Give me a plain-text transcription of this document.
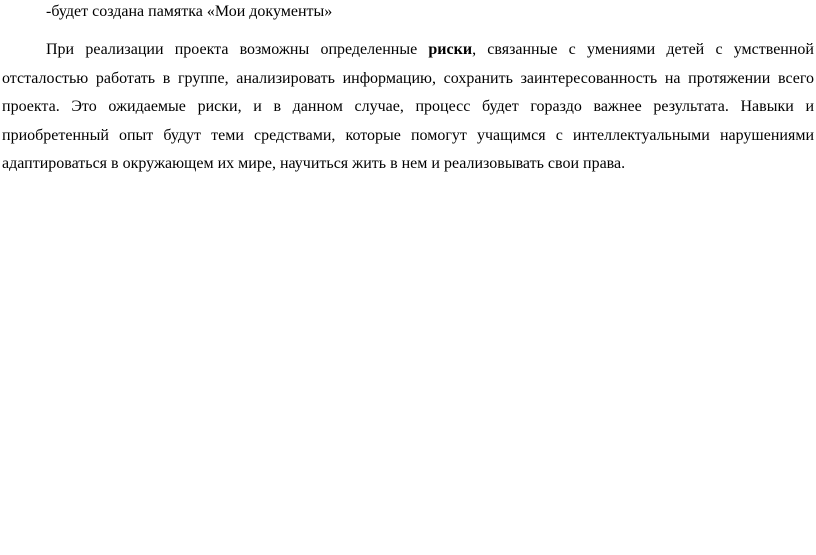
-будет создана памятка «Мои документы»

При реализации проекта возможны определенные риски, связанные с умениями детей с умственной отсталостью работать в группе, анализировать информацию, сохранить заинтересованность на протяжении всего проекта. Это ожидаемые риски, и в данном случае, процесс будет гораздо важнее результата. Навыки и приобретенный опыт будут теми средствами, которые помогут учащимся с интеллектуальными нарушениями адаптироваться в окружающем их мире, научиться жить в нем и реализовывать свои права.
